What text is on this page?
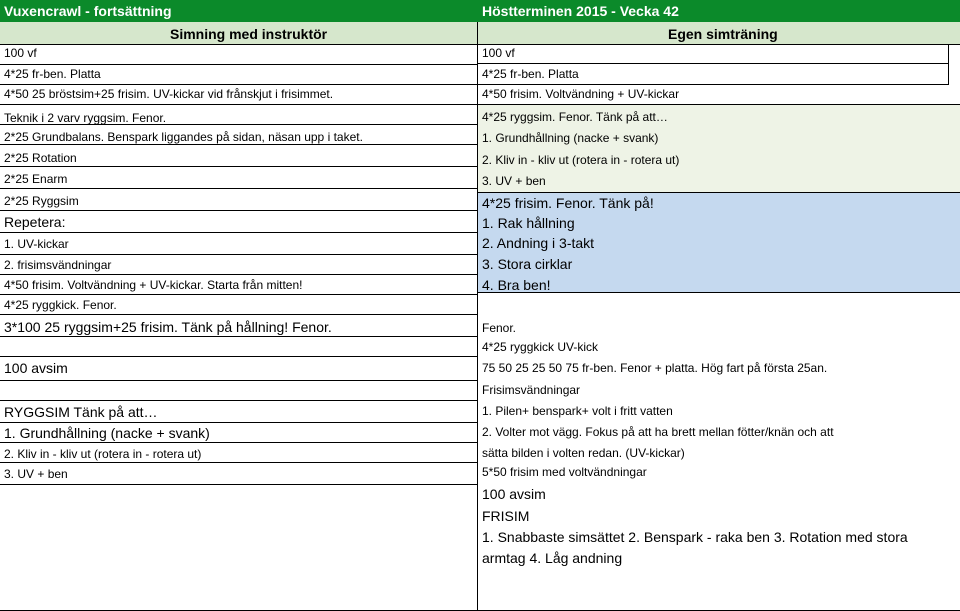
Vuxencrawl - fortsättning	Höstterminen 2015 - Vecka 42
Simning med instruktör	Egen simträning
100 vf
4*25 fr-ben. Platta
4*50 25 bröstsim+25 frisim. UV-kickar vid frånskjut i frisimmet.
Teknik i 2 varv ryggsim. Fenor.
2*25 Grundbalans. Benspark liggandes på sidan, näsan upp i taket.
2*25 Rotation
2*25 Enarm
2*25 Ryggsim
Repetera:
1. UV-kickar
2. frisimsvändningar
4*50 frisim. Voltvändning + UV-kickar. Starta från mitten!
4*25 ryggkick. Fenor.
3*100 25 ryggsim+25 frisim. Tänk på hållning! Fenor.
100 avsim
RYGGSIM Tänk på att…
1. Grundhållning (nacke + svank)
2. Kliv in - kliv ut (rotera in - rotera ut)
3. UV + ben
100 vf
4*25 fr-ben. Platta
4*50 frisim. Voltvändning + UV-kickar
4*25 ryggsim. Fenor. Tänk på att…
1. Grundhållning (nacke + svank)
2. Kliv in - kliv ut (rotera in - rotera ut)
3. UV + ben
4*25 frisim. Fenor. Tänk på!
1. Rak hållning
2. Andning i 3-takt
3. Stora cirklar
4. Bra ben!
Fenor.
4*25 ryggkick UV-kick
75 50 25 25 50 75 fr-ben. Fenor + platta. Hög fart på första 25an.
Frisimsvändningar
1. Pilen+ benspark+ volt i fritt vatten
2. Volter mot vägg. Fokus på att ha brett mellan fötter/knän och att
sätta bilden i volten redan. (UV-kickar)
5*50 frisim med voltvändningar
100 avsim
FRISIM
1. Snabbaste simsättet 2. Benspark - raka ben 3. Rotation med stora
armtag 4. Låg andning
